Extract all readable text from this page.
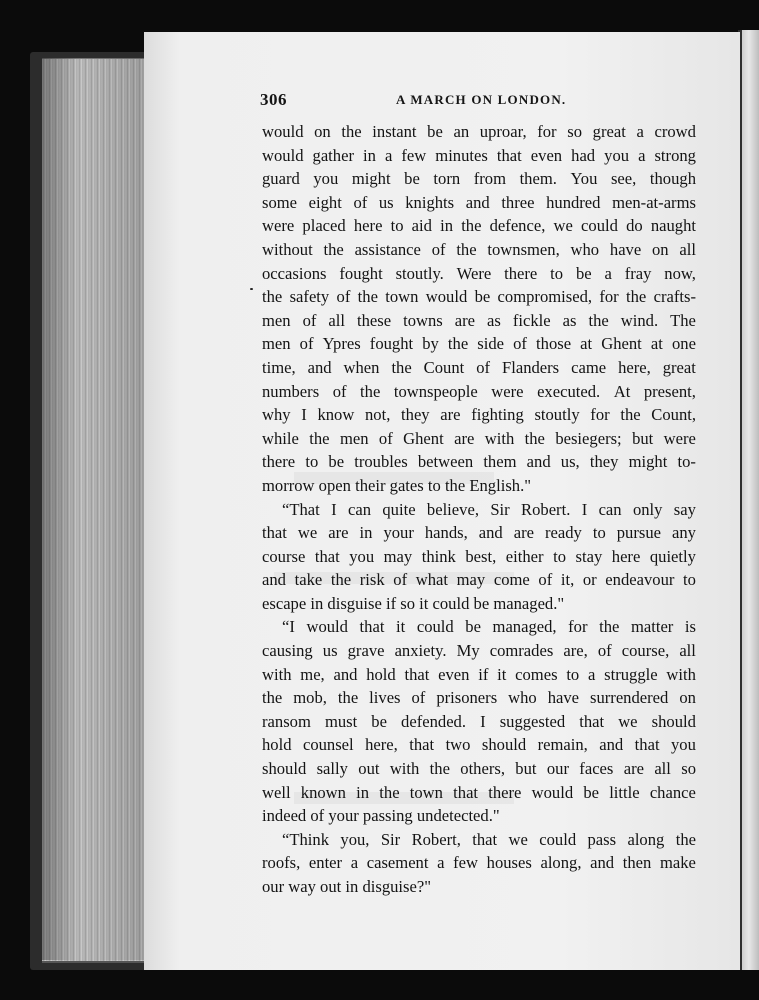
306	A MARCH ON LONDON.
would on the instant be an uproar, for so great a crowd
would gather in a few minutes that even had you a strong
guard you might be torn from them. You see, though
some eight of us knights and three hundred men-at-arms
were placed here to aid in the defence, we could do naught
without the assistance of the townsmen, who have on all
occasions fought stoutly. Were there to be a fray now,
the safety of the town would be compromised, for the crafts-
men of all these towns are as fickle as the wind. The
men of Ypres fought by the side of those at Ghent at one
time, and when the Count of Flanders came here, great
numbers of the townspeople were executed. At present,
why I know not, they are fighting stoutly for the Count,
while the men of Ghent are with the besiegers; but were
there to be troubles between them and us, they might to-
morrow open their gates to the English."
“That I can quite believe, Sir Robert. I can only say
that we are in your hands, and are ready to pursue any
course that you may think best, either to stay here quietly
and take the risk of what may come of it, or endeavour to
escape in disguise if so it could be managed."
“I would that it could be managed, for the matter is
causing us grave anxiety. My comrades are, of course, all
with me, and hold that even if it comes to a struggle with
the mob, the lives of prisoners who have surrendered on
ransom must be defended. I suggested that we should
hold counsel here, that two should remain, and that you
should sally out with the others, but our faces are all so
well known in the town that there would be little chance
indeed of your passing undetected."
“Think you, Sir Robert, that we could pass along the
roofs, enter a casement a few houses along, and then make
our way out in disguise?"
